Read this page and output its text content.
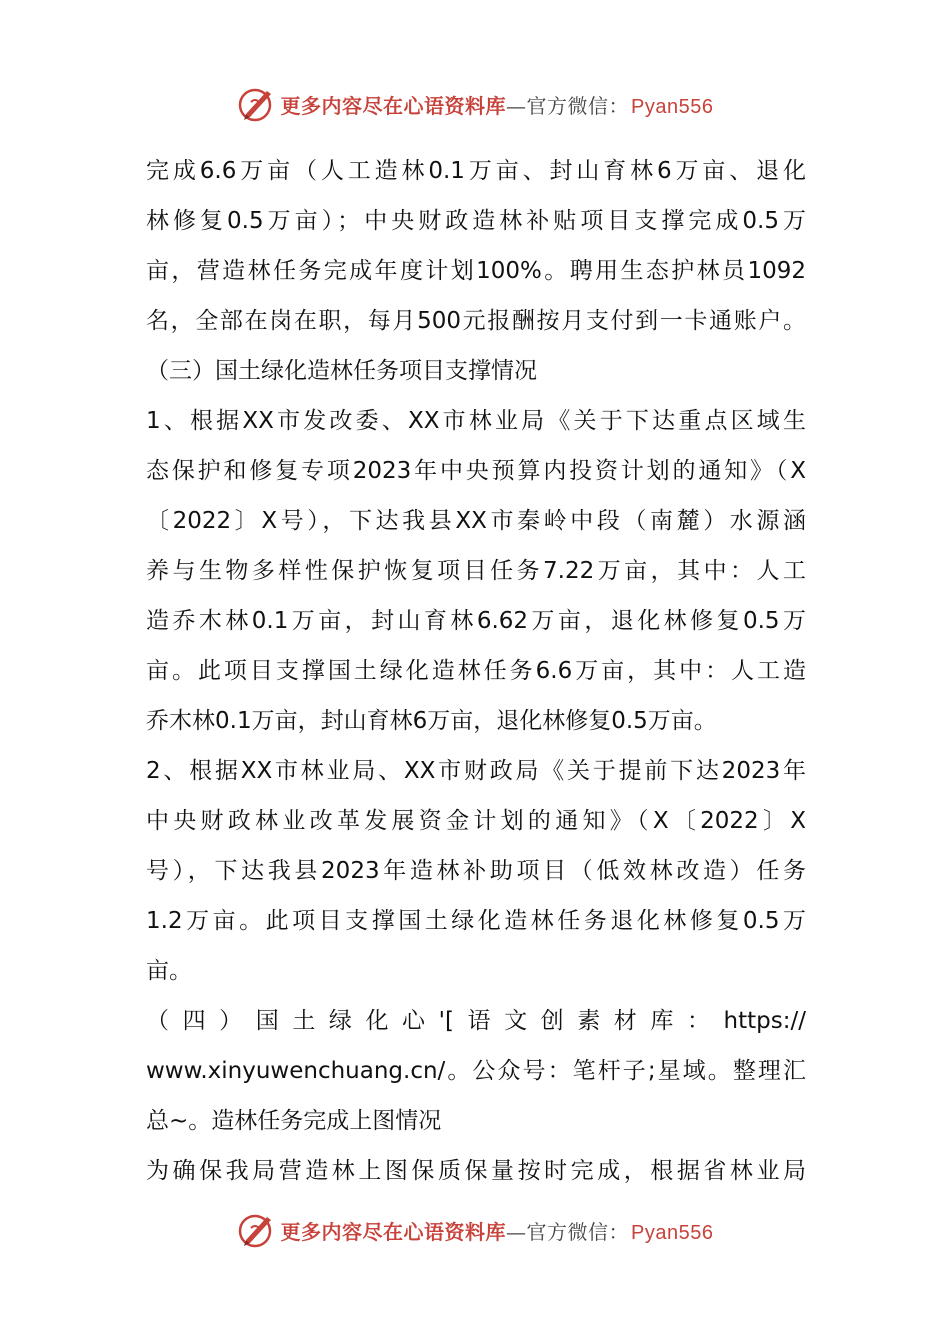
更多内容尽在心语资料库 — 官方微信： Pyan556
完成6.6万亩（人工造林0.1万亩、封山育林6万亩、退化
林修复0.5万亩）；中央财政造林补贴项目支撑完成0.5万
亩，营造林任务完成年度计划100%。聘用生态护林员1092
名，全部在岗在职，每月500元报酬按月支付到一卡通账户。
（三）国土绿化造林任务项目支撑情况
1、根据XX市发改委、XX市林业局《关于下达重点区域生
态保护和修复专项2023年中央预算内投资计划的通知》（X
〔2022〕X号），下达我县XX市秦岭中段（南麓）水源涵
养与生物多样性保护恢复项目任务7.22万亩，其中：人工
造乔木林0.1万亩，封山育林6.62万亩，退化林修复0.5万
亩。此项目支撑国土绿化造林任务6.6万亩，其中：人工造
乔木林0.1万亩，封山育林6万亩，退化林修复0.5万亩。
2、根据XX市林业局、XX市财政局《关于提前下达2023年
中央财政林业改革发展资金计划的通知》（X〔2022〕X
号），下达我县2023年造林补助项目（低效林改造）任务
1.2万亩。此项目支撑国土绿化造林任务退化林修复0.5万
亩。
（四）国土绿化心'[语文创素材库：https://
www.xinyuwenchuang.cn/。公众号：笔杆子;星域。整理汇
总~。造林任务完成上图情况
为确保我局营造林上图保质保量按时完成，根据省林业局
更多内容尽在心语资料库 — 官方微信： Pyan556
